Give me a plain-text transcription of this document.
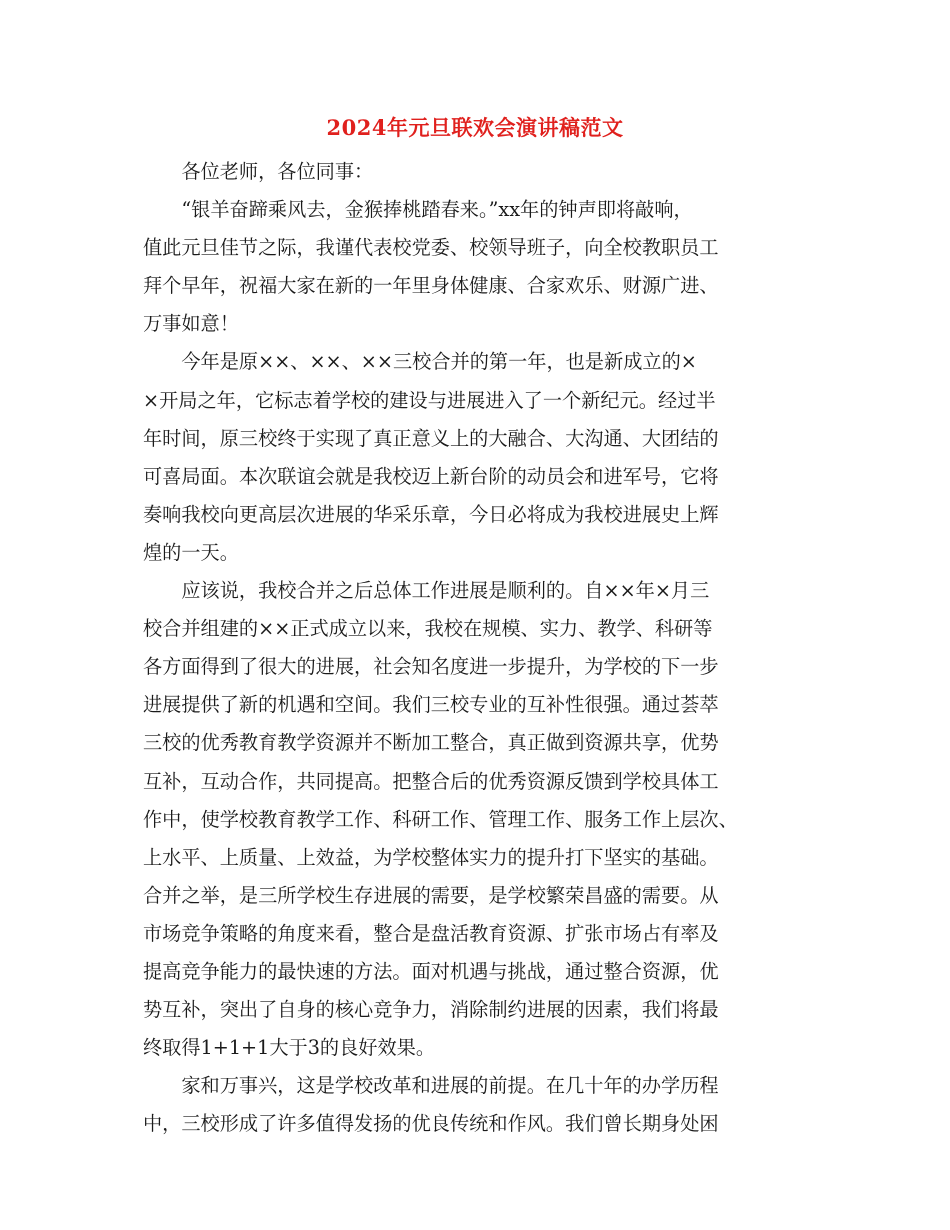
2024年元旦联欢会演讲稿范文
　　各位老师，各位同事：
　　“银羊奋蹄乘风去，金猴捧桃踏春来。”xx年的钟声即将敲响，
值此元旦佳节之际，我谨代表校党委、校领导班子，向全校教职员工
拜个早年，祝福大家在新的一年里身体健康、合家欢乐、财源广进、
万事如意！
　　今年是原××、××、××三校合并的第一年，也是新成立的×
×开局之年，它标志着学校的建设与进展进入了一个新纪元。经过半
年时间，原三校终于实现了真正意义上的大融合、大沟通、大团结的
可喜局面。本次联谊会就是我校迈上新台阶的动员会和进军号，它将
奏响我校向更高层次进展的华采乐章，今日必将成为我校进展史上辉
煌的一天。
　　应该说，我校合并之后总体工作进展是顺利的。自××年×月三
校合并组建的××正式成立以来，我校在规模、实力、教学、科研等
各方面得到了很大的进展，社会知名度进一步提升，为学校的下一步
进展提供了新的机遇和空间。我们三校专业的互补性很强。通过荟萃
三校的优秀教育教学资源并不断加工整合，真正做到资源共享，优势
互补，互动合作，共同提高。把整合后的优秀资源反馈到学校具体工
作中，使学校教育教学工作、科研工作、管理工作、服务工作上层次、
上水平、上质量、上效益，为学校整体实力的提升打下坚实的基础。
合并之举，是三所学校生存进展的需要，是学校繁荣昌盛的需要。从
市场竞争策略的角度来看，整合是盘活教育资源、扩张市场占有率及
提高竞争能力的最快速的方法。面对机遇与挑战，通过整合资源，优
势互补，突出了自身的核心竞争力，消除制约进展的因素，我们将最
终取得1+1+1大于3的良好效果。
　　家和万事兴，这是学校改革和进展的前提。在几十年的办学历程
中，三校形成了许多值得发扬的优良传统和作风。我们曾长期身处困
